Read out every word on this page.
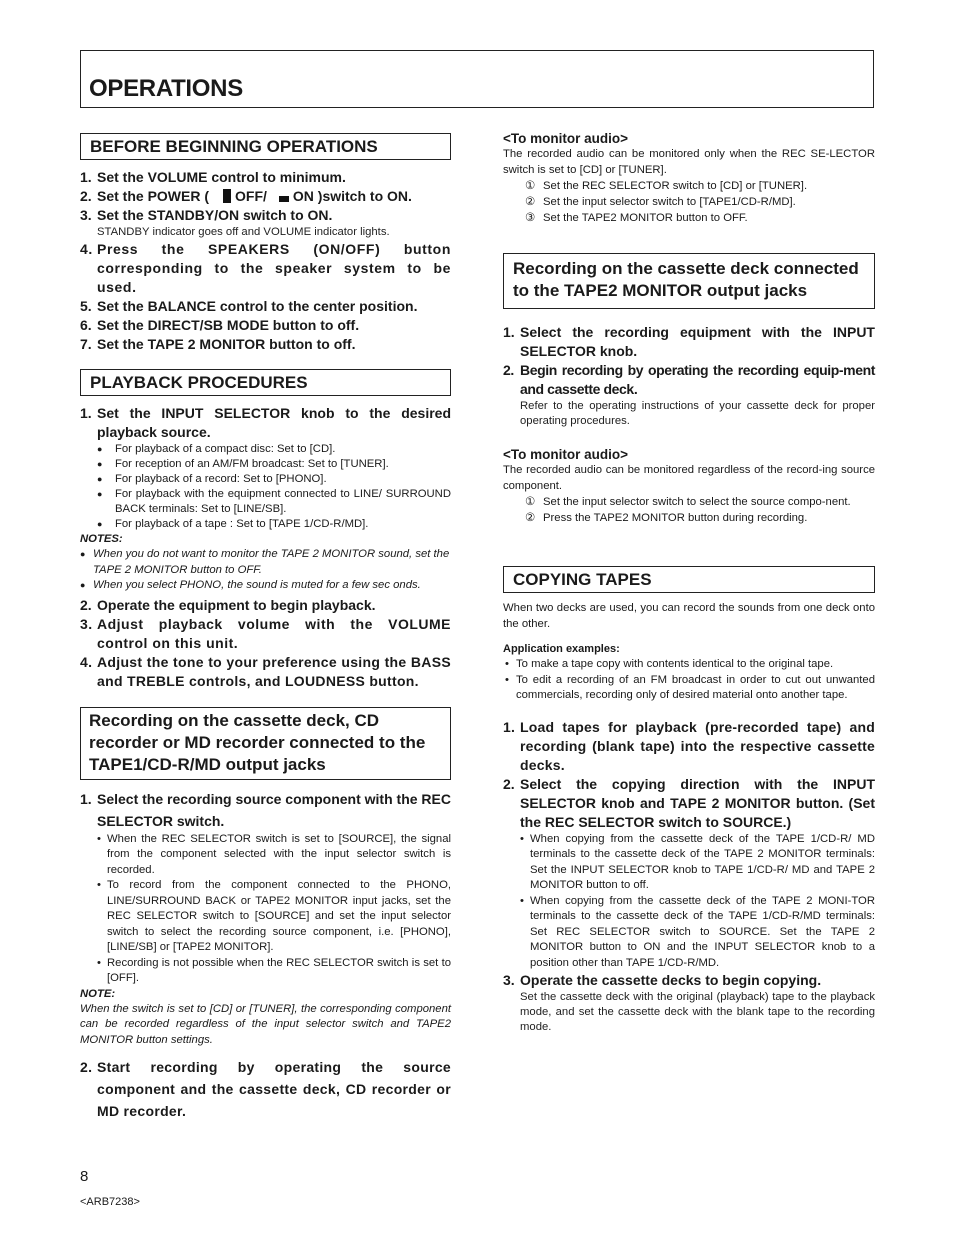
OPERATIONS
BEFORE BEGINNING OPERATIONS
1. Set the VOLUME control to minimum.
2. Set the POWER ( OFF/ ON )switch to ON.
3. Set the STANDBY/ON switch to ON.

STANDBY indicator goes off and VOLUME indicator lights.

4. Press the SPEAKERS (ON/OFF) button corresponding to the speaker system to be used.
5. Set the BALANCE control to the center position.
6. Set the DIRECT/SB MODE button to off.
7. Set the TAPE 2 MONITOR button to off.
PLAYBACK PROCEDURES
1. Set the INPUT SELECTOR knob to the desired playback source.
● For playback of a compact disc: Set to [CD].
● For reception of an AM/FM broadcast: Set to [TUNER].
● For playback of a record: Set to [PHONO].
● For playback with the equipment connected to LINE/ SURROUND BACK terminals: Set to [LINE/SB].
● For playback of a tape : Set to [TAPE 1/CD-R/MD].
NOTES:
● When you do not want to monitor the TAPE 2 MONITOR sound, set the TAPE 2 MONITOR button to OFF.
● When you select PHONO, the sound is muted for a few sec onds.
2. Operate the equipment to begin playback.
3. Adjust playback volume with the VOLUME control on this unit.
4. Adjust the tone to your preference using the BASS and TREBLE controls, and LOUDNESS button.
Recording on the cassette deck, CD recorder or MD recorder connected to the TAPE1/CD-R/MD output jacks
1. Select the recording source component with the REC SELECTOR switch.
• When the REC SELECTOR switch is set to [SOURCE], the signal from the component selected with the input selector switch is recorded.
• To record from the component connected to the PHONO, LINE/SURROUND BACK or TAPE2 MONITOR input jacks, set the REC SELECTOR switch to [SOURCE] and set the input selector switch to select the recording source component, i.e. [PHONO], [LINE/SB] or [TAPE2 MONITOR].
• Recording is not possible when the REC SELECTOR switch is set to [OFF].
NOTE:
When the switch is set to [CD] or [TUNER], the corresponding component can be recorded regardless of the input selector switch and TAPE2 MONITOR button settings.
2. Start recording by operating the source component and the cassette deck, CD recorder or MD recorder.
<To monitor audio>
The recorded audio can be monitored only when the REC SE-LECTOR switch is set to [CD] or [TUNER].
① Set the REC SELECTOR switch to [CD] or [TUNER].
② Set the input selector switch to [TAPE1/CD-R/MD].
③ Set the TAPE2 MONITOR button to OFF.
Recording on the cassette deck connected to the TAPE2 MONITOR output jacks
1. Select the recording equipment with the INPUT SELECTOR knob.
2. Begin recording by operating the recording equip-ment and cassette deck.

Refer to the operating instructions of your cassette deck for proper operating procedures.

<To monitor audio>
The recorded audio can be monitored regardless of the record-ing source component.
① Set the input selector switch to select the source compo-nent.
② Press the TAPE2 MONITOR button during recording.
COPYING TAPES
When two decks are used, you can record the sounds from one deck onto the other.
Application examples:
• To make a tape copy with contents identical to the original tape.
• To edit a recording of an FM broadcast in order to cut out unwanted commercials, recording only of desired material onto another tape.
1. Load tapes for playback (pre-recorded tape) and recording (blank tape) into the respective cassette decks.
2. Select the copying direction with the INPUT SELECTOR knob and TAPE 2 MONITOR button. (Set the REC SELECTOR switch to SOURCE.)
• When copying from the cassette deck of the TAPE 1/CD-R/ MD terminals to the cassette deck of the TAPE 2 MONITOR terminals: Set the INPUT SELECTOR knob to TAPE 1/CD-R/ MD and TAPE 2 MONITOR button to off.
• When copying from the cassette deck of the TAPE 2 MONI-TOR terminals to the cassette deck of the TAPE 1/CD-R/MD terminals: Set REC SELECTOR switch to SOURCE. Set the TAPE 2 MONITOR button to ON and the INPUT SELECTOR knob to a position other than TAPE 1/CD-R/MD.
3. Operate the cassette decks to begin copying.

Set the cassette deck with the original (playback) tape to the playback mode, and set the cassette deck with the blank tape to the recording mode.

8
<ARB7238>
